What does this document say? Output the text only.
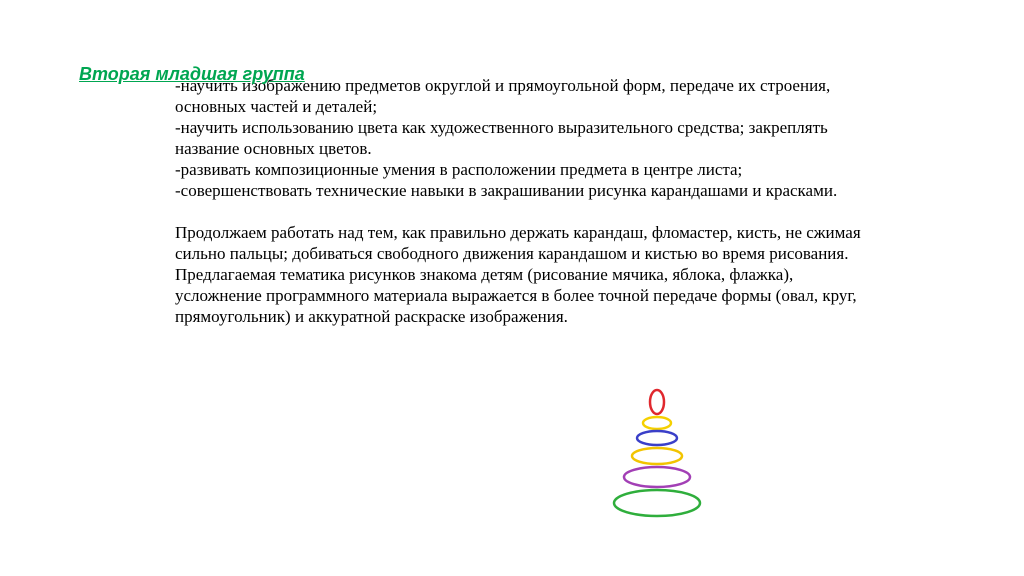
Вторая младшая группа

-научить изображению предметов округлой и прямоугольной форм, передаче их строения, основных частей и деталей;

-научить использованию цвета как художественного выразительного средства; закреплять название основных цветов.

-развивать композиционные умения в расположении предмета в центре листа;

-совершенствовать технические навыки в закрашивании рисунка карандашами и красками.

Продолжаем работать над тем, как правильно держать карандаш, фломастер, кисть, не сжимая сильно пальцы; добиваться свободного движения карандашом и кистью во время рисования. Предлагаемая тематика рисунков знакома детям (рисование мячика, яблока, флажка), усложнение программного материала выражается в более точной передаче формы (овал, круг, прямоугольник) и аккуратной раскраске изображения.
